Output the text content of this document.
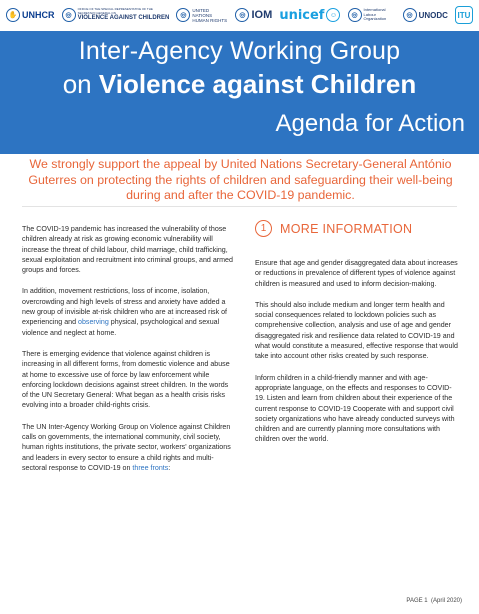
✋ UNHCR	◎
OFFICE OF THE SPECIAL REPRESENTATIVE OF THE SECRETARY-GENERAL ON
VIOLENCE AGAINST CHILDREN	◎
UNITED NATIONS HUMAN RIGHTS
◎ IOM unicef ☺	◎
International Labour Organization	◎ UNODC	ITU
Inter-Agency Working Group
on Violence against Children
Agenda for Action
We strongly support the appeal by United Nations Secretary-General António Guterres on protecting the rights of children and safeguarding their well-being during and after the COVID-19 pandemic.

The COVID-19 pandemic has increased the vulnerability of those children already at risk as growing economic vulnerability will increase the threat of child labour, child marriage, child trafficking, sexual exploitation and recruitment into criminal groups, and armed groups and forces.

In addition, movement restrictions, loss of income, isolation, overcrowding and high levels of stress and anxiety have added a new group of invisible at-risk children who are at increased risk of experiencing and observing physical, psychological and sexual violence and neglect at home.

There is emerging evidence that violence against children is increasing in all different forms, from domestic violence and abuse at home to excessive use of force by law enforcement while enforcing lockdown decisions against street children. In the words of the UN Secretary General: What began as a health crisis risks evolving into a broader child-rights crisis.

The UN Inter-Agency Working Group on Violence against Children calls on governments, the international community, civil society, human rights institutions, the private sector, workers' organizations and leaders in every sector to ensure a child rights and multi-sectoral response to COVID-19 on three fronts:

1	MORE INFORMATION

Ensure that age and gender disaggregated data about increases or reductions in prevalence of different types of violence against children is measured and used to inform decision-making.

This should also include medium and longer term health and social consequences related to lockdown policies such as comprehensive collection, analysis and use of age and gender disaggregated risk and resilience data related to COVID-19 and what would constitute a measured, effective response that would take into account other risks created by such response.

Inform children in a child-friendly manner and with age-appropriate language, on the effects and responses to COVID-19. Listen and learn from children about their experience of the current response to COVID-19 Cooperate with and support civil society organizations who have already conducted surveys with children and are currently planning more consultations with children over the world.

PAGE 1 (April 2020)
